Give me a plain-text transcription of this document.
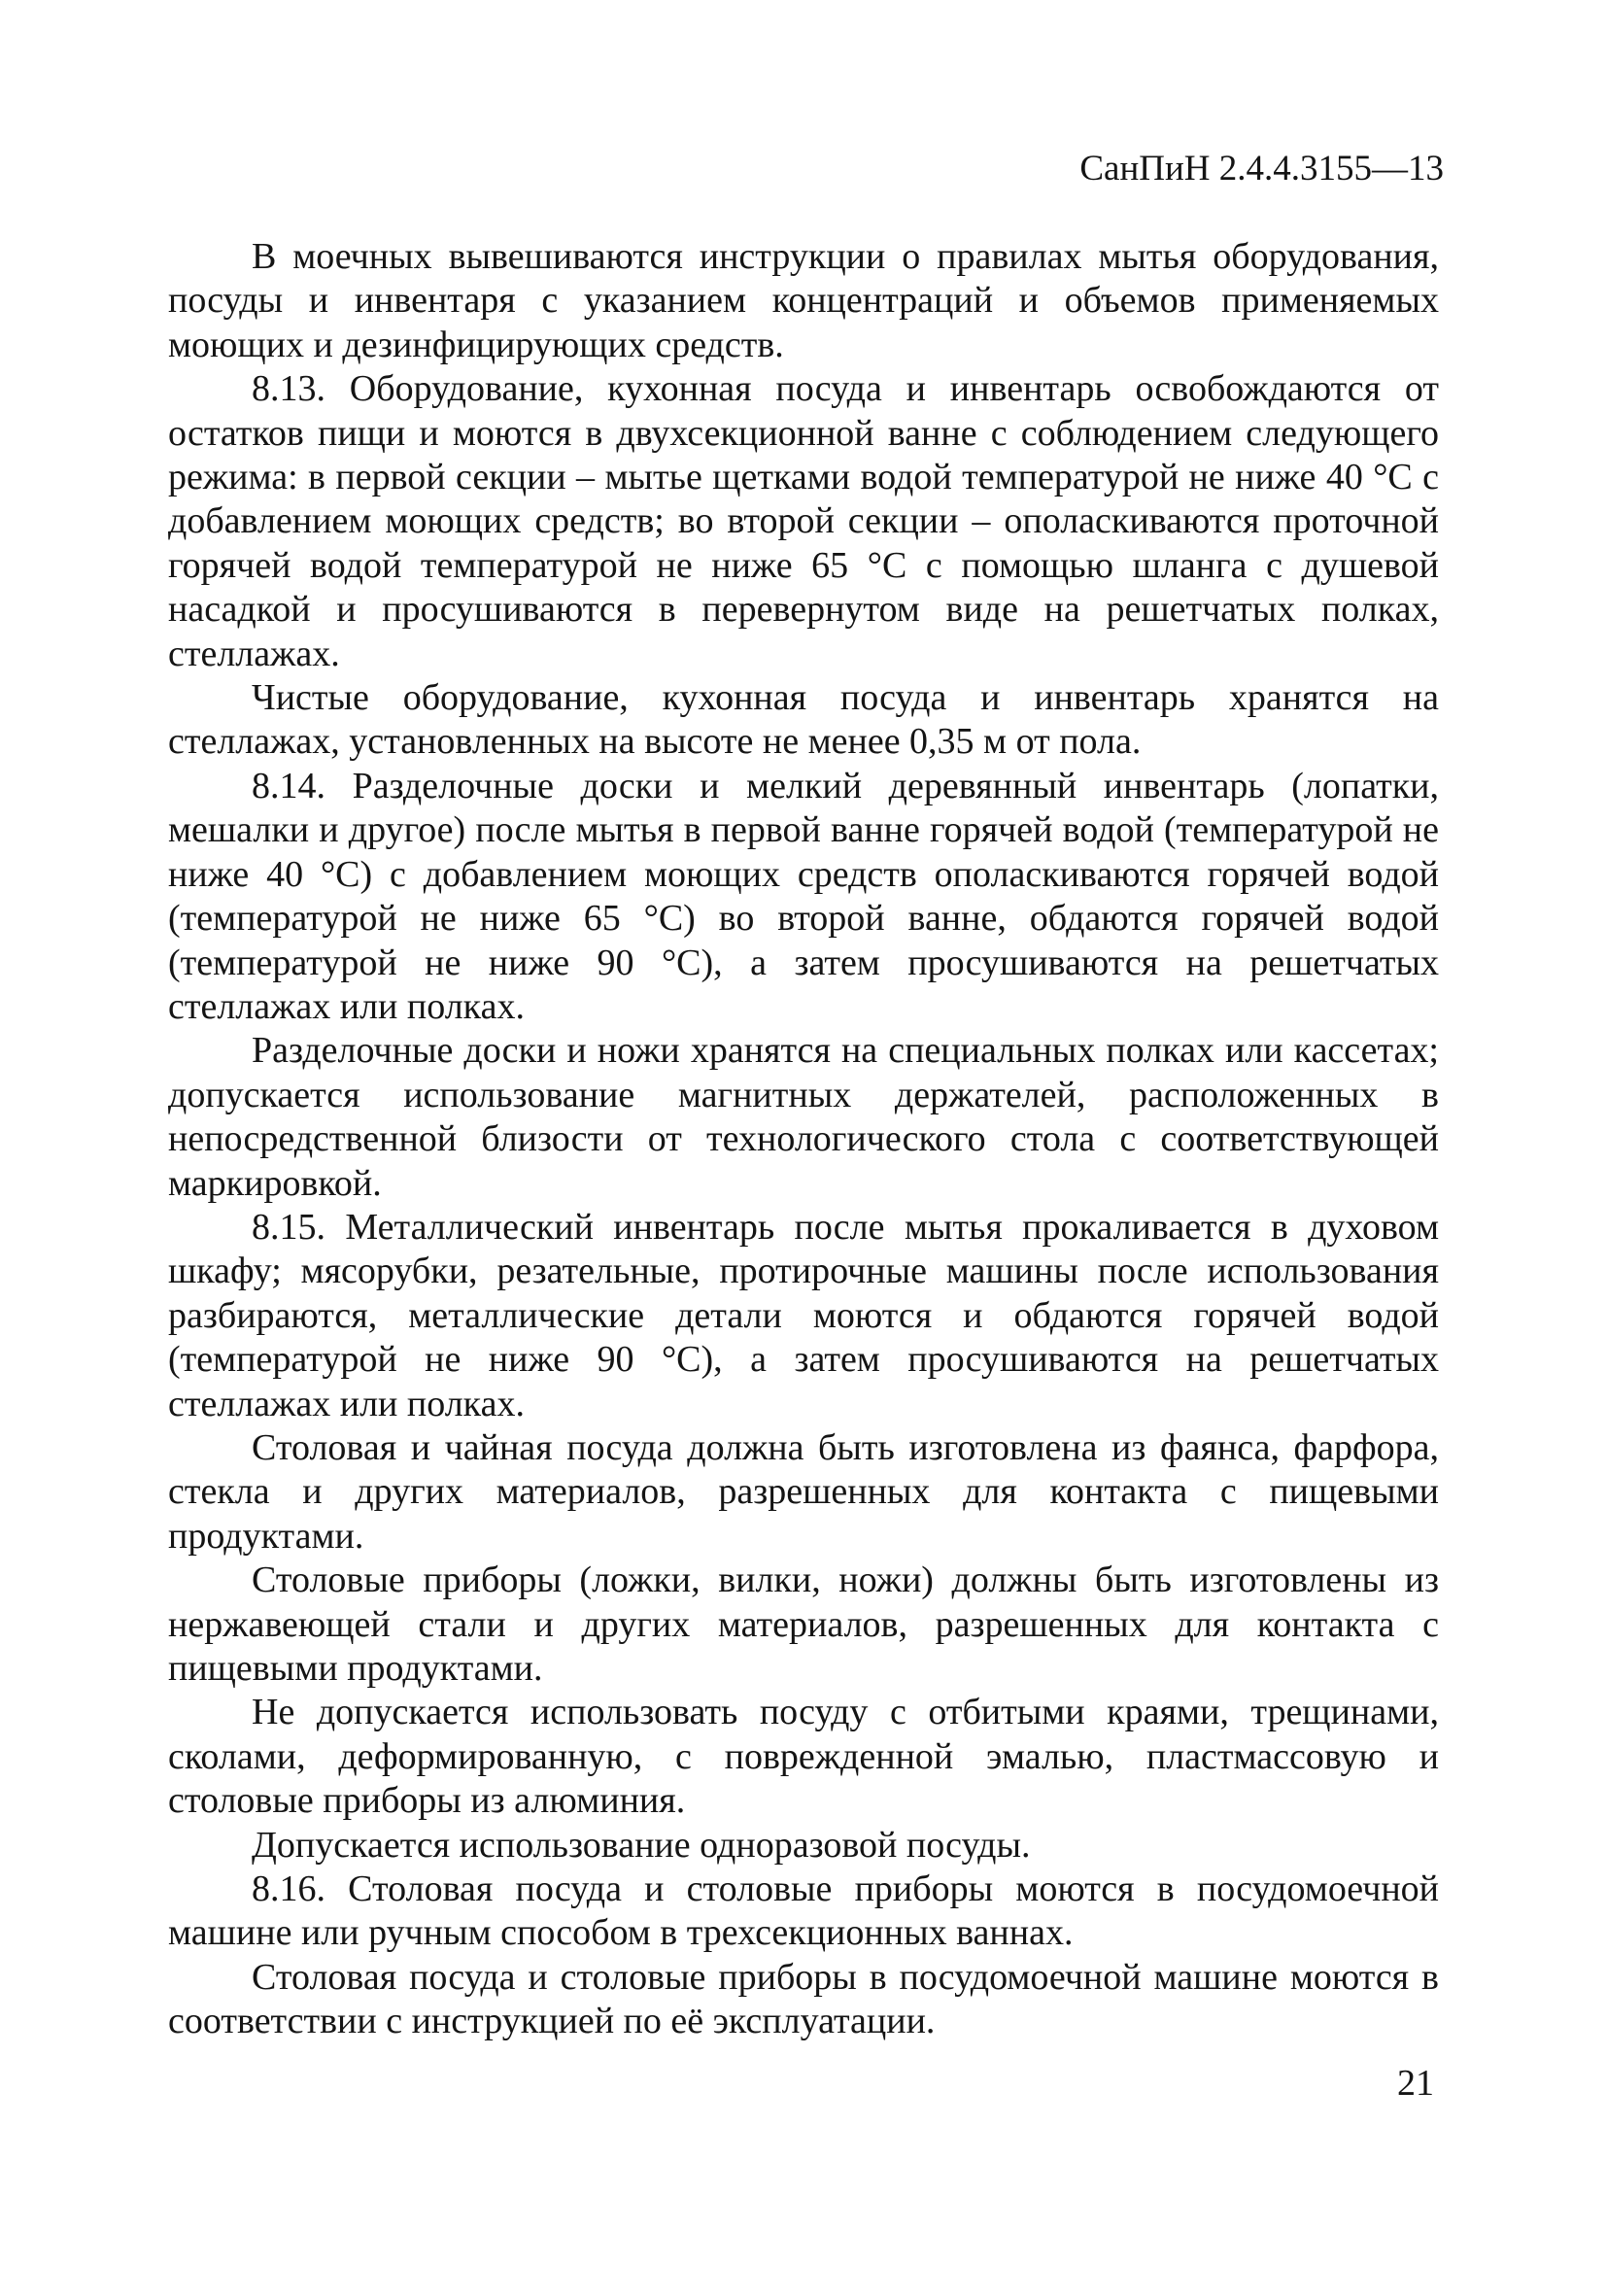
СанПиН 2.4.4.3155—13

В моечных вывешиваются инструкции о правилах мытья оборудования, посуды и инвентаря с указанием концентраций и объемов применяемых моющих и дезинфицирующих средств.

8.13. Оборудование, кухонная посуда и инвентарь освобождаются от остатков пищи и моются в двухсекционной ванне с соблюдением следующего режима: в первой секции – мытье щетками водой температурой не ниже 40 °С с добавлением моющих средств; во второй секции – ополаскиваются проточной горячей водой температурой не ниже 65 °С с помощью шланга с душевой насадкой и просушиваются в перевернутом виде на решетчатых полках, стеллажах.

Чистые оборудование, кухонная посуда и инвентарь хранятся на стеллажах, установленных на высоте не менее 0,35 м от пола.

8.14. Разделочные доски и мелкий деревянный инвентарь (лопатки, мешалки и другое) после мытья в первой ванне горячей водой (температурой не ниже 40 °С) с добавлением моющих средств ополаскиваются горячей водой (температурой не ниже 65 °С) во второй ванне, обдаются горячей водой (температурой не ниже 90 °С), а затем просушиваются на решетчатых стеллажах или полках.

Разделочные доски и ножи хранятся на специальных полках или кассетах; допускается использование магнитных держателей, расположенных в непосредственной близости от технологического стола с соответствующей маркировкой.

8.15. Металлический инвентарь после мытья прокаливается в духовом шкафу; мясорубки, резательные, протирочные машины после использования разбираются, металлические детали моются и обдаются горячей водой (температурой не ниже 90 °С), а затем просушиваются на решетчатых стеллажах или полках.

Столовая и чайная посуда должна быть изготовлена из фаянса, фарфора, стекла и других материалов, разрешенных для контакта с пищевыми продуктами.

Столовые приборы (ложки, вилки, ножи) должны быть изготовлены из нержавеющей стали и других материалов, разрешенных для контакта с пищевыми продуктами.

Не допускается использовать посуду с отбитыми краями, трещинами, сколами, деформированную, с поврежденной эмалью, пластмассовую и столовые приборы из алюминия.

Допускается использование одноразовой посуды.

8.16. Столовая посуда и столовые приборы моются в посудомоечной машине или ручным способом в трехсекционных ваннах.

Столовая посуда и столовые приборы в посудомоечной машине моются в соответствии с инструкцией по её эксплуатации.

21
